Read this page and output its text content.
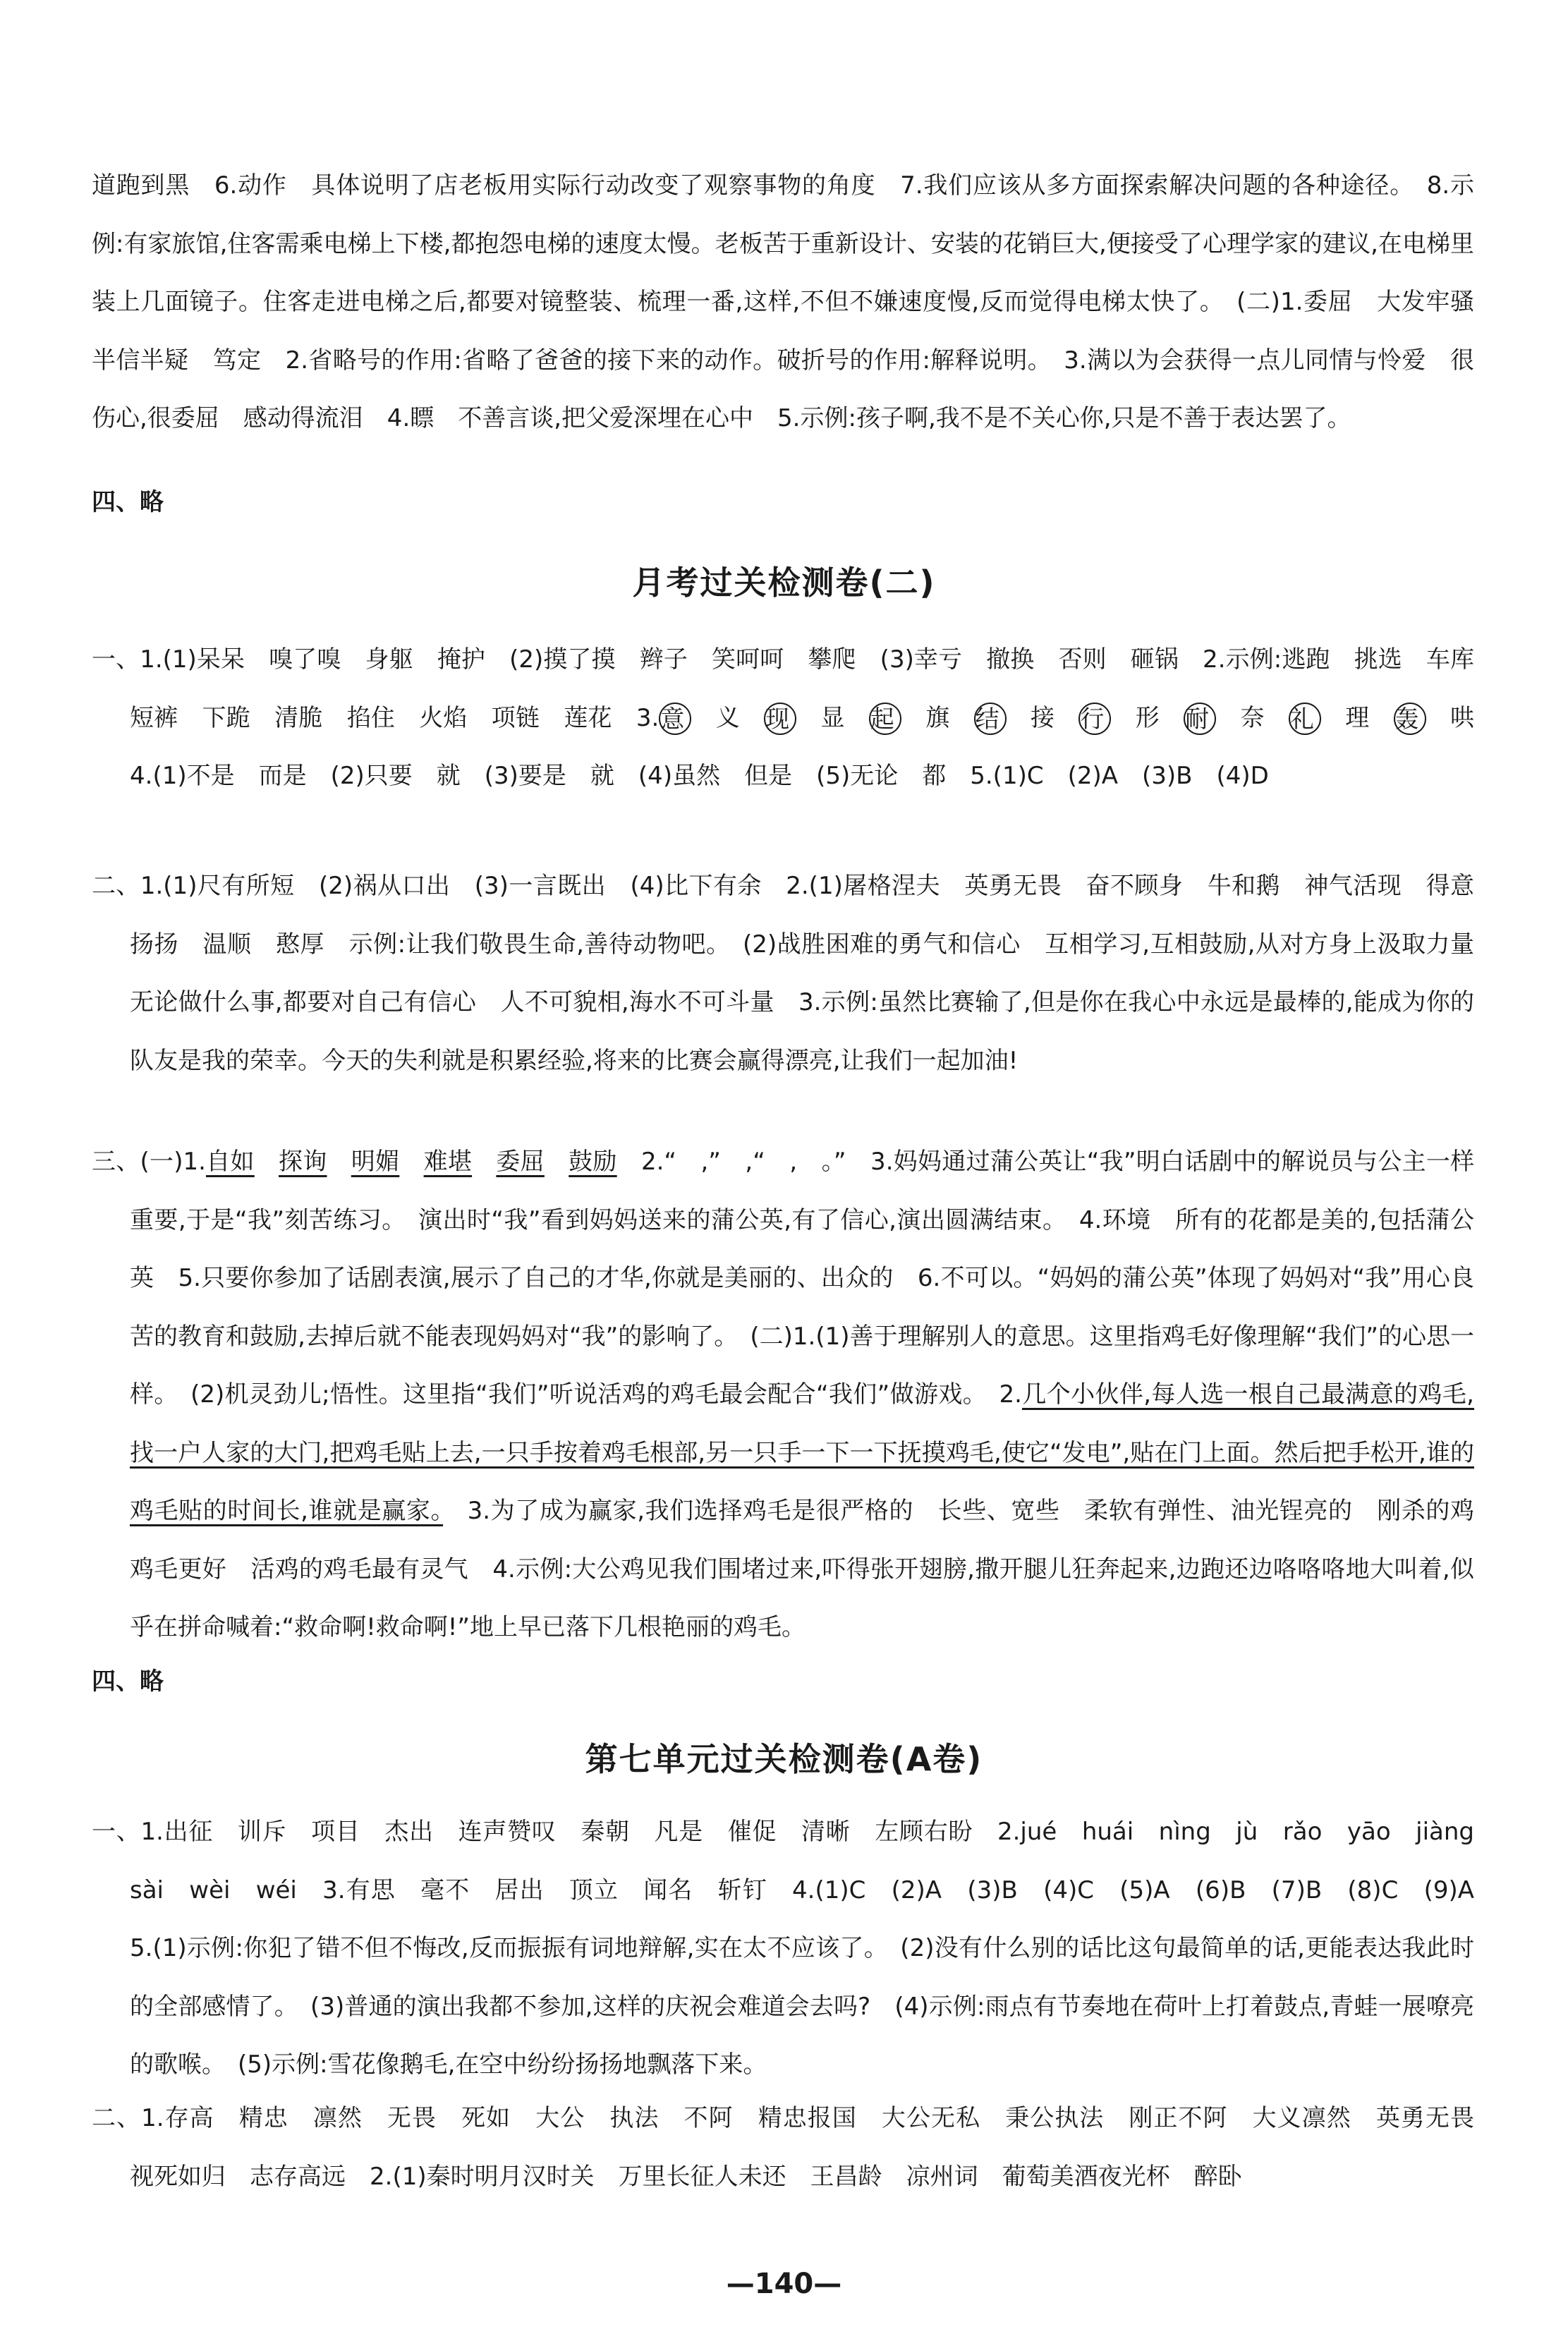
道跑到黑　6.动作　具体说明了店老板用实际行动改变了观察事物的角度　7.我们应该从多方面探索解决问题的各种途径。　8.示例:有家旅馆,住客需乘电梯上下楼,都抱怨电梯的速度太慢。老板苦于重新设计、安装的花销巨大,便接受了心理学家的建议,在电梯里装上几面镜子。住客走进电梯之后,都要对镜整装、梳理一番,这样,不但不嫌速度慢,反而觉得电梯太快了。　(二)1.委屈　大发牢骚　半信半疑　笃定　2.省略号的作用:省略了爸爸的接下来的动作。破折号的作用:解释说明。　3.满以为会获得一点儿同情与怜爱　很伤心,很委屈　感动得流泪　4.瞟　不善言谈,把父爱深埋在心中　5.示例:孩子啊,我不是不关心你,只是不善于表达罢了。
四、略
月考过关检测卷(二)
一、1.(1)呆呆　嗅了嗅　身躯　掩护　(2)摸了摸　辫子　笑呵呵　攀爬　(3)幸亏　撤换　否则　砸锅　2.示例:逃跑　挑选　车库　短裤　下跪　清脆　掐住　火焰　项链　莲花　3.意　 义　 现　 显　 起　 旗　 结　 接　 行　 形　 耐　 奈　 礼　 理　 轰　 哄　4.(1)不是　而是　(2)只要　就　(3)要是　就　(4)虽然　但是　(5)无论　都　5.(1)C　(2)A　(3)B　(4)D
二、1.(1)尺有所短　(2)祸从口出　(3)一言既出　(4)比下有余　2.(1)屠格涅夫　英勇无畏　奋不顾身　牛和鹅　神气活现　得意扬扬　温顺　憨厚　示例:让我们敬畏生命,善待动物吧。　(2)战胜困难的勇气和信心　互相学习,互相鼓励,从对方身上汲取力量　无论做什么事,都要对自己有信心　人不可貌相,海水不可斗量　3.示例:虽然比赛输了,但是你在我心中永远是最棒的,能成为你的队友是我的荣幸。今天的失利就是积累经验,将来的比赛会赢得漂亮,让我们一起加油!
三、(一)1.自如　 探询　 明媚　 难堪　 委屈　 鼓励　 2.“　,”　,“　,　。”　3.妈妈通过蒲公英让“我”明白话剧中的解说员与公主一样重要,于是“我”刻苦练习。　演出时“我”看到妈妈送来的蒲公英,有了信心,演出圆满结束。　4.环境　所有的花都是美的,包括蒲公英　5.只要你参加了话剧表演,展示了自己的才华,你就是美丽的、出众的　6.不可以。“妈妈的蒲公英”体现了妈妈对“我”用心良苦的教育和鼓励,去掉后就不能表现妈妈对“我”的影响了。　(二)1.(1)善于理解别人的意思。这里指鸡毛好像理解“我们”的心思一样。　(2)机灵劲儿;悟性。这里指“我们”听说活鸡的鸡毛最会配合“我们”做游戏。　2.几个小伙伴,每人选一根自己最满意的鸡毛,找一户人家的大门,把鸡毛贴上去,一只手按着鸡毛根部,另一只手一下一下抚摸鸡毛,使它“发电”,贴在门上面。然后把手松开,谁的鸡毛贴的时间长,谁就是赢家。　3.为了成为赢家,我们选择鸡毛是很严格的　长些、宽些　柔软有弹性、油光锃亮的　刚杀的鸡鸡毛更好　活鸡的鸡毛最有灵气　4.示例:大公鸡见我们围堵过来,吓得张开翅膀,撒开腿儿狂奔起来,边跑还边咯咯咯地大叫着,似乎在拼命喊着:“救命啊!救命啊!”地上早已落下几根艳丽的鸡毛。
四、略
第七单元过关检测卷(A卷)
一、1.出征　训斥　项目　杰出　连声赞叹　秦朝　凡是　催促　清晰　左顾右盼　2.jué　huái　nìng　jù　rǎo　yāo　jiàng　sài　wèi　wéi　3.有思　毫不　居出　顶立　闻名　斩钉　4.(1)C　(2)A　(3)B　(4)C　(5)A　(6)B　(7)B　(8)C　(9)A　5.(1)示例:你犯了错不但不悔改,反而振振有词地辩解,实在太不应该了。　(2)没有什么别的话比这句最简单的话,更能表达我此时的全部感情了。　(3)普通的演出我都不参加,这样的庆祝会难道会去吗?　(4)示例:雨点有节奏地在荷叶上打着鼓点,青蛙一展嘹亮的歌喉。　(5)示例:雪花像鹅毛,在空中纷纷扬扬地飘落下来。
二、1.存高　精忠　凛然　无畏　死如　大公　执法　不阿　精忠报国　大公无私　秉公执法　刚正不阿　大义凛然　英勇无畏　视死如归　志存高远　2.(1)秦时明月汉时关　万里长征人未还　王昌龄　凉州词　葡萄美酒夜光杯　醉卧
—140—
